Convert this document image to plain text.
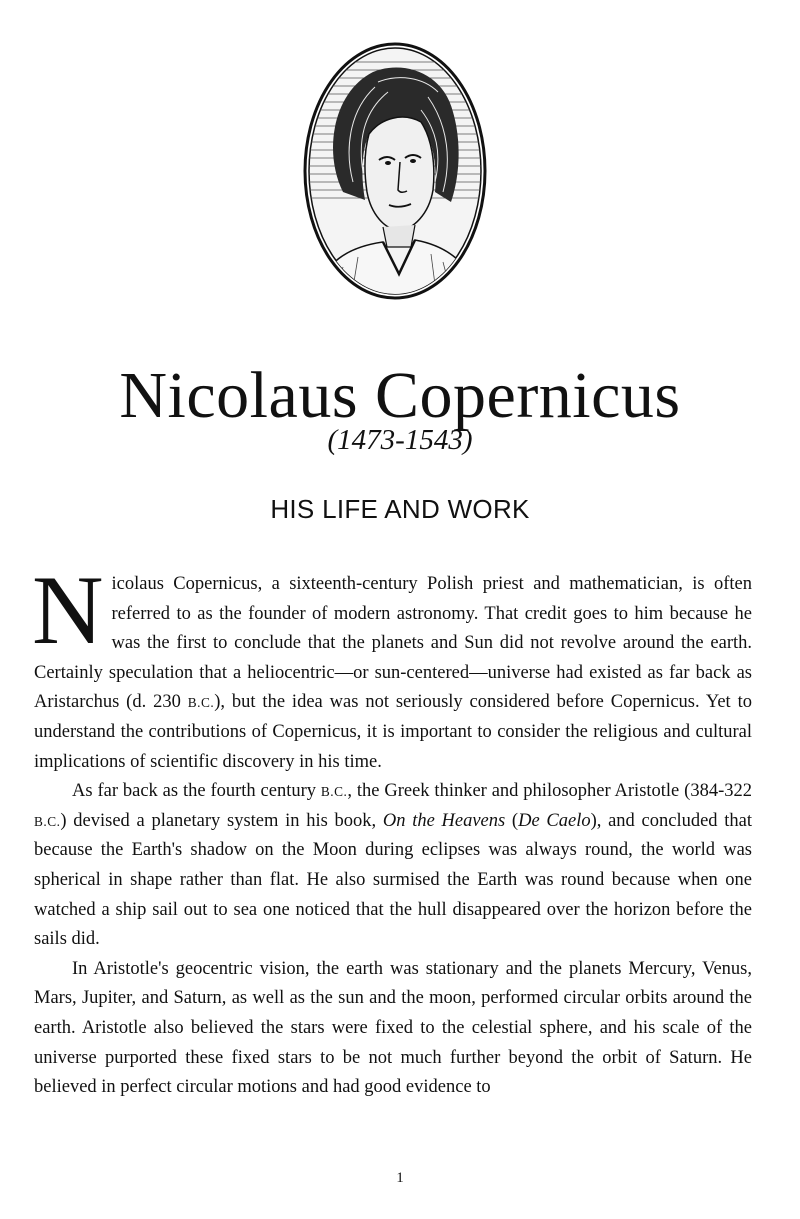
Nicolaus Copernicus
(1473-1543)
HIS LIFE AND WORK

Nicolaus Copernicus, a sixteenth-century Polish priest and mathematician, is often referred to as the founder of modern astronomy. That credit goes to him because he was the first to conclude that the planets and Sun did not revolve around the earth. Certainly speculation that a heliocentric—or sun-centered—universe had existed as far back as Aristarchus (d. 230 B.C.), but the idea was not seriously considered before Copernicus. Yet to understand the contributions of Copernicus, it is important to consider the religious and cultural implications of scientific discovery in his time.

As far back as the fourth century B.C., the Greek thinker and philosopher Aristotle (384-322 B.C.) devised a planetary system in his book, On the Heavens (De Caelo), and concluded that because the Earth's shadow on the Moon during eclipses was always round, the world was spherical in shape rather than flat. He also surmised the Earth was round because when one watched a ship sail out to sea one noticed that the hull disappeared over the horizon before the sails did.

In Aristotle's geocentric vision, the earth was stationary and the planets Mercury, Venus, Mars, Jupiter, and Saturn, as well as the sun and the moon, performed circular orbits around the earth. Aristotle also believed the stars were fixed to the celestial sphere, and his scale of the universe purported these fixed stars to be not much further beyond the orbit of Saturn. He believed in perfect circular motions and had good evidence to

1
